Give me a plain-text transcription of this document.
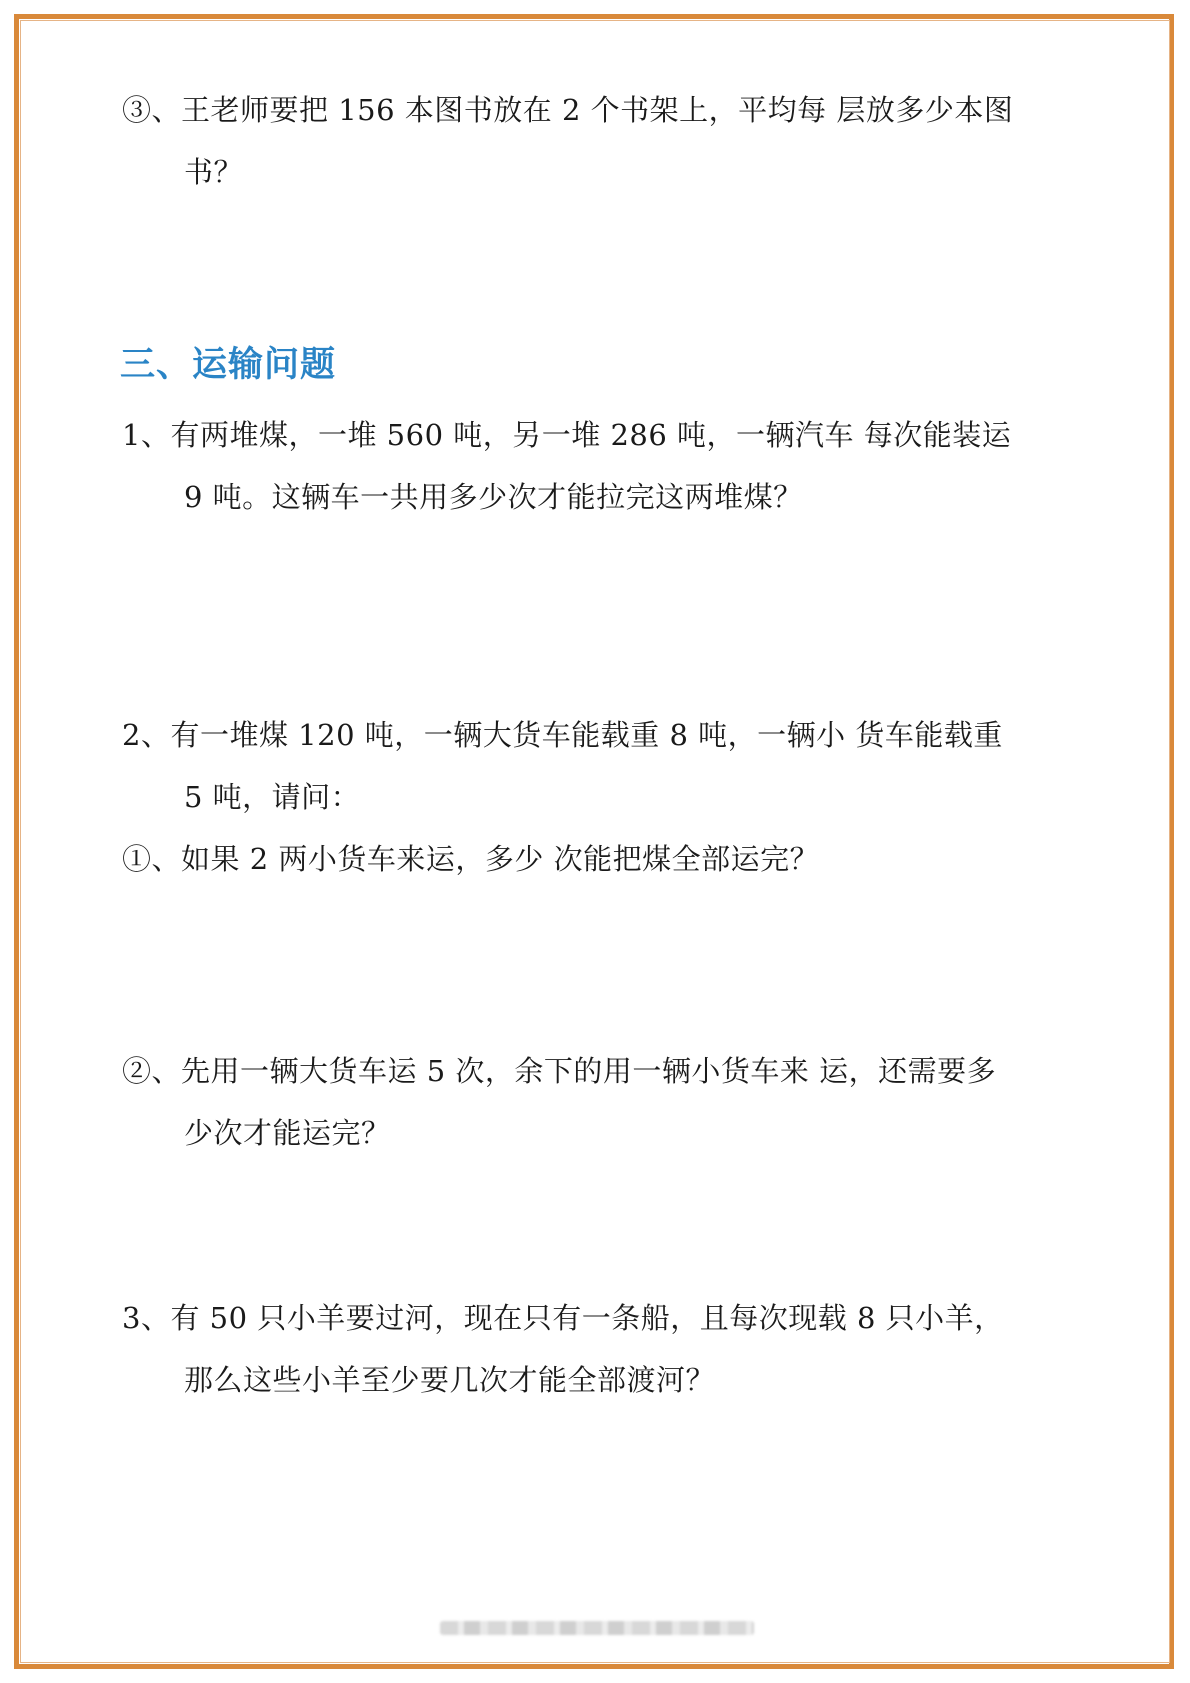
③、王老师要把 156 本图书放在 2 个书架上，平均每 层放多少本图
书？
三、运输问题
1、有两堆煤，一堆 560 吨，另一堆 286 吨，一辆汽车 每次能装运
9 吨。这辆车一共用多少次才能拉完这两堆煤？
2、有一堆煤 120 吨，一辆大货车能载重 8 吨，一辆小 货车能载重
5 吨，请问：
①、如果 2 两小货车来运，多少 次能把煤全部运完？
②、先用一辆大货车运 5 次，余下的用一辆小货车来 运，还需要多
少次才能运完？
3、有 50 只小羊要过河，现在只有一条船，且每次现载 8 只小羊，
那么这些小羊至少要几次才能全部渡河？
